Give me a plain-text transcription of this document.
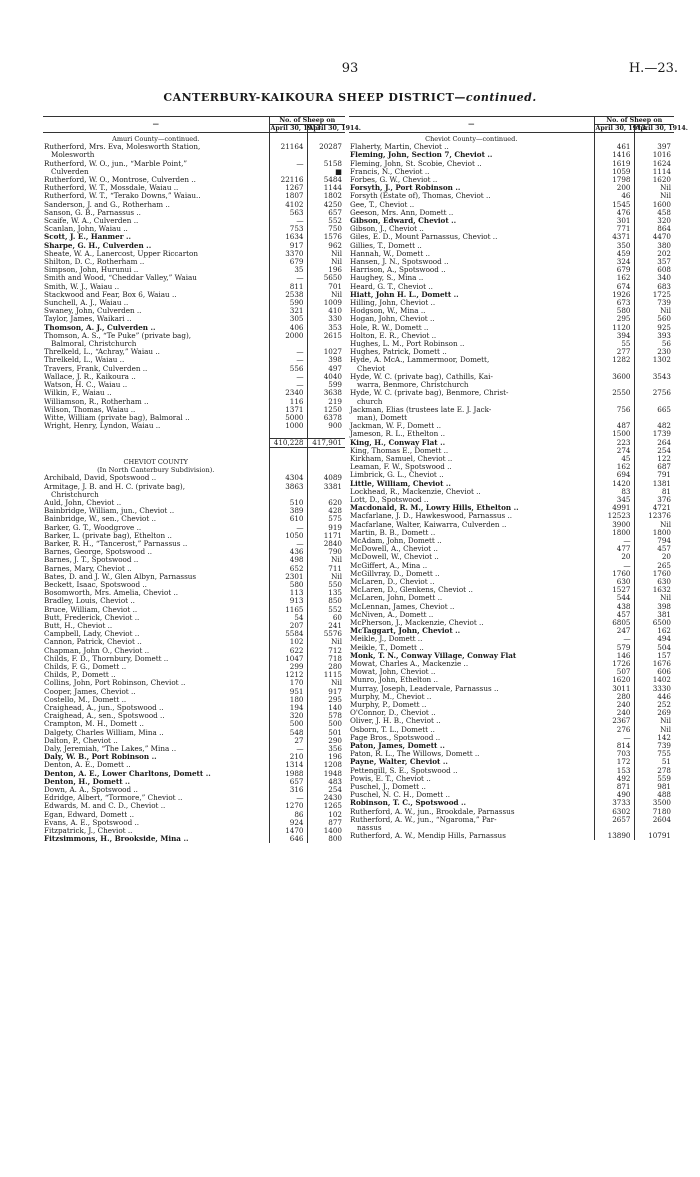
93	H.—23.
CANTERBURY-KAIKOURA SHEEP DISTRICT—continued.
—	No. of Sheep on	
	April 30, 1913.	April 30, 1914.
Amuri County—continued.		
Rutherford, Mrs. Eva, Molesworth Station,	21164	20287
Molesworth		
Rutherford, W. O., jun., “Marble Point,”	—	5158
Culverden		■
Rutherford, W. O., Montrose, Culverden ..	22116	5484
Rutherford, W. T., Mossdale, Waiau ..	1267	1144
Rutherford, W. T., “Terako Downs,” Waiau..	1807	1802
Sanderson, J. and G., Rotherham ..	4102	4250
Sanson, G. B., Parnassus ..	563	657
Scaife, W. A., Culverden ..	—	552
Scanlan, John, Waiau ..	753	750
Scott, J. E., Hanmer ..	1634	1576
Sharpe, G. H., Culverden ..	917	962
Sheate, W. A., Lanercost, Upper Riccarton	3370	Nil
Shilton, D. C., Rotherham ..	679	Nil
Simpson, John, Hurunui ..	35	196
Smith and Wood, “Cheddar Valley,” Waiau	—	5650
Smith, W. J., Waiau ..	811	701
Stackwood and Fear, Box 6, Waiau ..	2538	Nil
Sunchell, A. J., Waiau ..	590	1009
Swaney, John, Culverden ..	321	410
Taylor, James, Waikari ..	305	330
Thomson, A. J., Culverden ..	406	353
Thomson, A. S., “Te Puke” (private bag),	2000	2615
Balmoral, Christchurch		
Threlkeld, L., “Achray,” Waiau ..	—	1027
Threlkeld, L., Waiau ..	—	398
Travers, Frank, Culverden ..	556	497
Wallace, J. R., Kaikoura ..	—	4040
Watson, H. C., Waiau ..	—	599
Wilkin, F., Waiau ..	2340	3638
Williamson, R., Rotherham ..	116	219
Wilson, Thomas, Waiau ..	1371	1250
Witte, William (private bag), Balmoral ..	5000	6378
Wright, Henry, Lyndon, Waiau ..	1000	900

	410,228	417,901

CHEVIOT COUNTY		
(In North Canterbury Subdivision).		
Archibald, David, Spotswood ..	4304	4089
Armitage, J. B. and H. C. (private bag),	3863	3381
Christchurch		
Auld, John, Cheviot ..	510	620
Bainbridge, William, jun., Cheviot ..	389	428
Bainbridge, W., sen., Cheviot ..	610	575
Barker, G. T., Woodgrove ..	—	919
Barker, L. (private bag), Ethelton ..	1050	1171
Barker, R. H., “Tancerost,” Parnassus ..	—	2840
Barnes, George, Spotswood ..	436	790
Barnes, J. T., Spotswood ..	498	Nil
Barnes, Mary, Cheviot ..	652	711
Bates, D. and J. W., Glen Albyn, Parnassus	2301	Nil
Beckett, Isaac, Spotswood ..	580	550
Bosomworth, Mrs. Amelia, Cheviot ..	113	135
Bradley, Louis, Cheviot ..	913	850
Bruce, William, Cheviot ..	1165	552
Butt, Frederick, Cheviot ..	54	60
Butt, H., Cheviot ..	207	241
Campbell, Lady, Cheviot ..	5584	5576
Cannon, Patrick, Cheviot ..	102	Nil
Chapman, John O., Cheviot ..	622	712
Childs, F. D., Thornbury, Domett ..	1047	718
Childs, F. G., Domett ..	299	280
Childs, P., Domett ..	1212	1115
Collins, John, Port Robinson, Cheviot ..	170	Nil
Cooper, James, Cheviot ..	951	917
Costello, M., Domett ..	180	295
Craighead, A., jun., Spotswood ..	194	140
Craighead, A., sen., Spotswood ..	320	578
Crampton, M. H., Domett ..	500	500
Dalgety, Charles William, Mina ..	548	501
Dalton, P., Cheviot ..	27	290
Daly, Jeremiah, “The Lakes,” Mina ..	—	356
Daly, W. B., Port Robinson ..	210	196
Denton, A. E., Domett ..	1314	1208
Denton, A. E., Lower Charltons, Domett ..	1988	1948
Denton, H., Domett ..	657	483
Down, A. A., Spotswood ..	316	254
Edridge, Albert, “Tormore,” Cheviot ..	—	2430
Edwards, M. and C. D., Cheviot ..	1270	1265
Egan, Edward, Domett ..	86	102
Evans, A. E., Spotswood ..	924	877
Fitzpatrick, J., Cheviot ..	1470	1400
Fitzsimmons, H., Brookside, Mina ..	646	800
—	No. of Sheep on	
	April 30, 1913.	April 30, 1914.
Cheviot County—continued.		
Flaherty, Martin, Cheviot ..	461	397
Fleming, John, Section 7, Cheviot ..	1416	1016
Fleming, John, St. Scobie, Cheviot ..	1619	1624
Francis, N., Cheviot ..	1059	1114
Forbes, G. W., Cheviot ..	1798	1620
Forsyth, J., Port Robinson ..	200	Nil
Forsyth (Estate of), Thomas, Cheviot ..	46	Nil
Gee, T., Cheviot ..	1545	1600
Geeson, Mrs. Ann, Domett ..	476	458
Gibson, Edward, Cheviot ..	301	320
Gibson, J., Cheviot ..	771	864
Giles, E. D., Mount Parnassus, Cheviot ..	4371	4470
Gillies, T., Domett ..	350	380
Hannah, W., Domett ..	459	202
Hansen, J. N., Spotswood ..	324	357
Harrison, A., Spotswood ..	679	608
Haughey, S., Mina ..	162	340
Heard, G. T., Cheviot ..	674	683
Hiatt, John H. L., Domett ..	1926	1725
Hilling, John, Cheviot ..	673	739
Hodgson, W., Mina ..	580	Nil
Hogan, John, Cheviot ..	295	560
Hole, R. W., Domett ..	1120	925
Holton, E. R., Cheviot ..	394	393
Hughes, L. M., Port Robinson ..	55	56
Hughes, Patrick, Domett ..	277	230
Hyde, A. McA., Lammermoor, Domett,	1282	1302
Cheviot		
Hyde, W. C. (private bag), Cathills, Kai-	3600	3543
warra, Benmore, Christchurch		
Hyde, W. C. (private bag), Benmore, Christ-	2550	2756
church		
Jackman, Elias (trustees late E. J. Jack-	756	665
man), Domett		
Jackman, W. F., Domett ..	487	482
Jameson, R. L., Ethelton ..	1500	1739
King, H., Conway Flat ..	223	264
King, Thomas E., Domett ..	274	254
Kirkham, Samuel, Cheviot ..	45	122
Leaman, F. W., Spotswood ..	162	687
Limbrick, G. L., Cheviot ..	694	791
Little, William, Cheviot ..	1420	1381
Lockhead, R., Mackenzie, Cheviot ..	83	81
Lott, D., Spotswood ..	345	376
Macdonald, R. M., Lowry Hills, Ethelton ..	4991	4721
Macfarlane, J. D., Hawkeswood, Parnassus ..	12523	12376
Macfarlane, Walter, Kaiwarra, Culverden ..	3900	Nil
Martin, B. B., Domett ..	1800	1800
McAdam, John, Domett ..	—	794
McDowell, A., Cheviot ..	477	457
McDowell, W., Cheviot ..	20	20
McGiffert, A., Mina ..	—	265
McGillvray, D., Domett ..	1760	1760
McLaren, D., Cheviot ..	630	630
McLaren, D., Glenkens, Cheviot ..	1527	1632
McLaren, John, Domett ..	544	Nil
McLennan, James, Cheviot ..	438	398
McNiven, A., Domett ..	457	381
McPherson, J., Mackenzie, Cheviot ..	6805	6500
McTaggart, John, Cheviot ..	247	162
Meikle, J., Domett ..	—	494
Meikle, T., Domett ..	579	504
Monk, T. N., Conway Village, Conway Flat	146	157
Mowat, Charles A., Mackenzie ..	1726	1676
Mowat, John, Cheviot ..	507	606
Munro, John, Ethelton ..	1620	1402
Murray, Joseph, Leadervale, Parnassus ..	3011	3330
Murphy, M., Cheviot ..	280	446
Murphy, P., Domett ..	240	252
O'Connor, D., Cheviot ..	240	269
Oliver, J. H. B., Cheviot ..	2367	Nil
Osborn, T. L., Domett ..	276	Nil
Page Bros., Spotswood ..	—	142
Paton, James, Domett ..	814	739
Paton, R. L., The Willows, Domett ..	703	755
Payne, Walter, Cheviot ..	172	51
Pettengill, S. E., Spotswood ..	153	278
Powis, E. T., Cheviot ..	492	559
Puschel, J., Domett ..	871	981
Puschel, N. C. H., Domett ..	490	488
Robinson, T. C., Spotswood ..	3733	3500
Rutherford, A. W., jun., Brookdale, Parnassus	6302	7180
Rutherford, A. W., jun., “Ngaroma,” Par-	2657	2604
nassus		
Rutherford, A. W., Mendip Hills, Parnassus	13890	10791
